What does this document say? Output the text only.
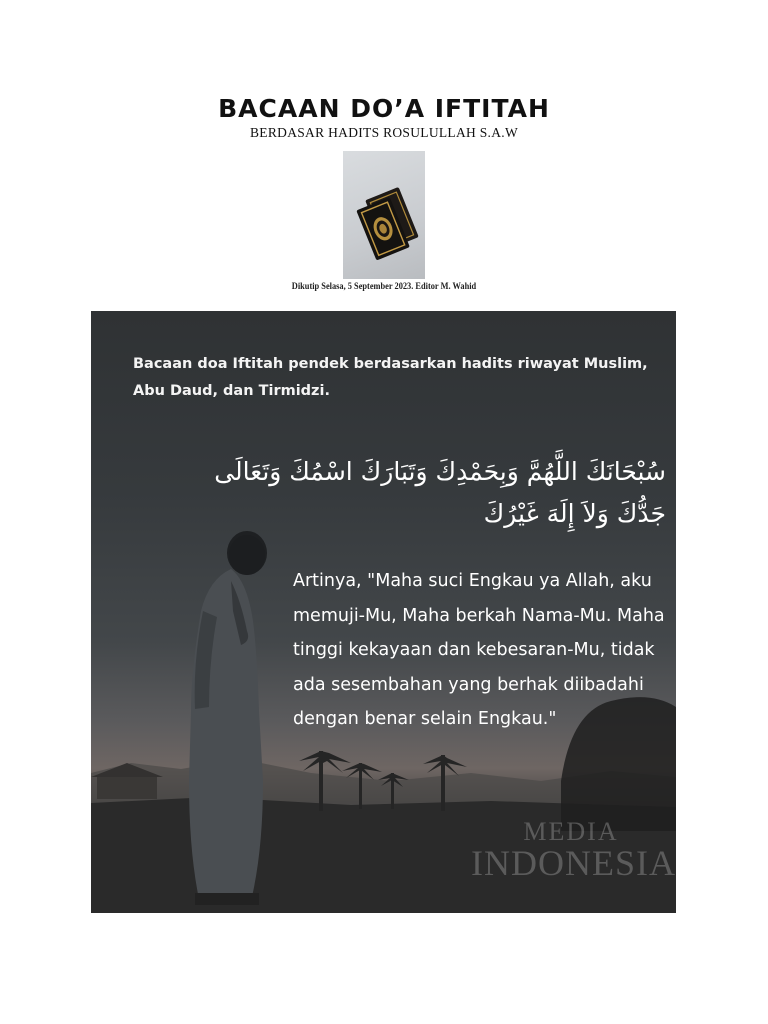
BACAAN DO’A IFTITAH
BERDASAR HADITS ROSULULLAH S.A.W
Dikutip Selasa, 5 September 2023. Editor M. Wahid
Bacaan doa Iftitah pendek berdasarkan hadits riwayat Muslim, Abu Daud, dan Tirmidzi.
سُبْحَانَكَ اللَّهُمَّ وَبِحَمْدِكَ وَتَبَارَكَ اسْمُكَ وَتَعَالَى
جَدُّكَ وَلاَ إِلَهَ غَيْرُكَ
Artinya, "Maha suci Engkau ya Allah, aku memuji-Mu, Maha berkah Nama-Mu. Maha tinggi kekayaan dan kebesaran-Mu, tidak ada sesembahan yang berhak diibadahi dengan benar selain Engkau."
MEDIA
INDONESIA
